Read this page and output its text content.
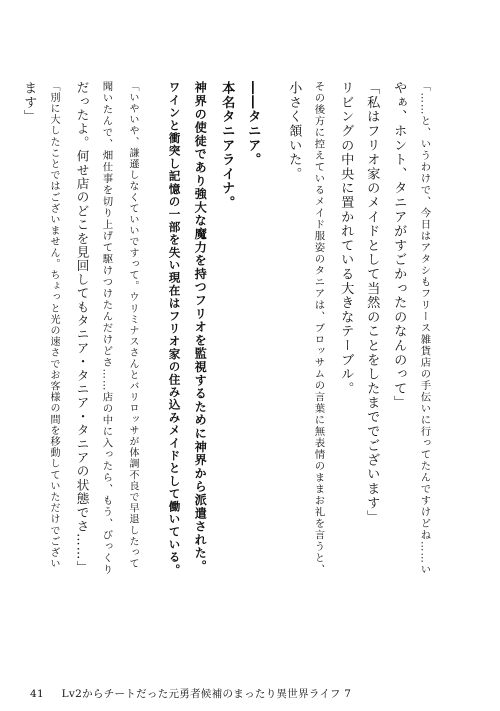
「……と、いうわけで、今日はアタシもフリース雑貨店の手伝いに行ってたんですけどね……い

やぁ、ホント、タニアがすごかったのなんのって」

「私はフリオ家のメイドとして当然のことをしたまででございます」

リビングの中央に置かれている大きなテーブル。

その後方に控えているメイド服姿のタニアは、ブロッサムの言葉に無表情のままお礼を言うと、

小さく頷いた。

――タニア。

本名タニアライナ。

神界の使徒であり強大な魔力を持つフリオを監視するために神界から派遣された。

ワインと衝突し記憶の一部を失い現在はフリオ家の住み込みメイドとして働いている。

「いやいや、謙遜しなくていいですって。ウリミナスさんとバリロッサが体調不良で早退したって

聞いたんで、畑仕事を切り上げて駆けつけたんだけどさ……店の中に入ったら、もう、びっくり

だったよ。何せ店のどこを見回してもタニア・タニア・タニアの状態でさ……」

「別に大したことではございません。ちょっと光の速さでお客様の間を移動していただけでござい

ます」

41 Lv2からチートだった元勇者候補のまったり異世界ライフ 7
